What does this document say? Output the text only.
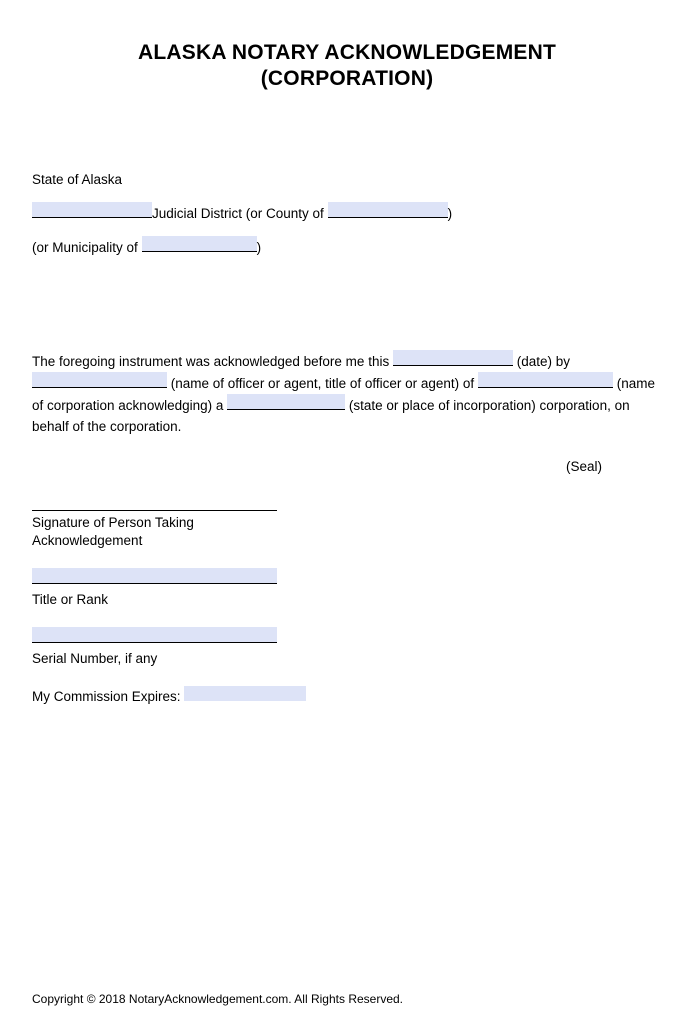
ALASKA NOTARY ACKNOWLEDGEMENT
(CORPORATION)
State of Alaska
Judicial District (or County of	)
(or Municipality of	)
The foregoing instrument was acknowledged before me this	(date) by  (name of officer or agent, title of officer or agent) of	(name of corporation acknowledging) a	(state or place of incorporation) corporation, on behalf of the corporation.
(Seal)
Signature of Person Taking
Acknowledgement
Title or Rank
Serial Number, if any
My Commission Expires:
Copyright © 2018 NotaryAcknowledgement.com. All Rights Reserved.
